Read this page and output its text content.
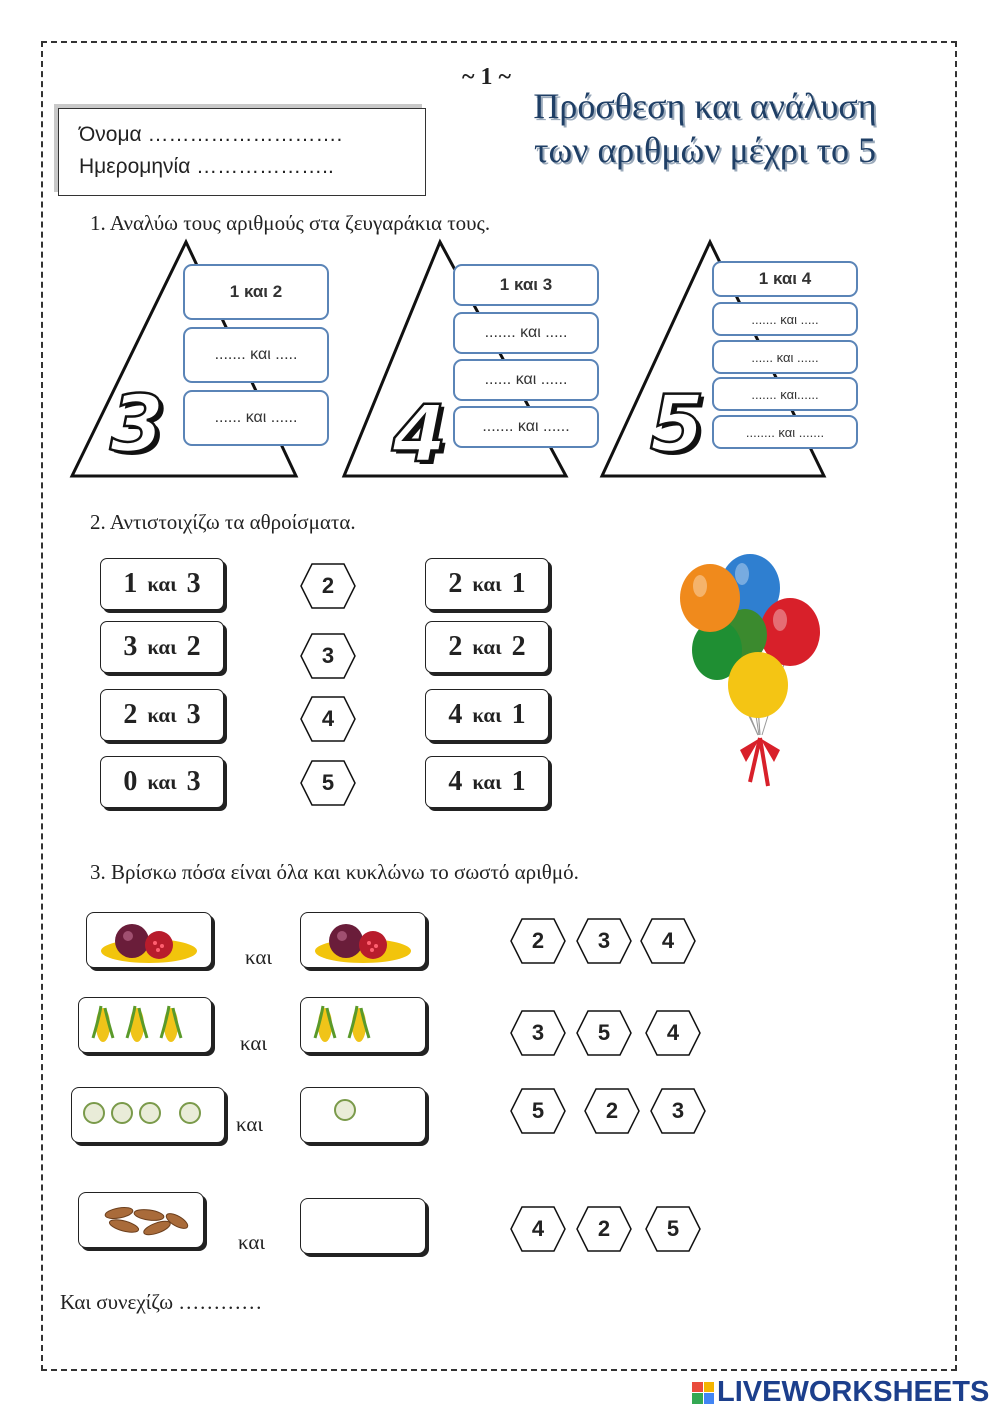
~ 1 ~
Πρόσθεση και ανάλυση
των αριθμών μέχρι το 5
Όνομα ……………………….
Ημερομηνία ………………..
1. Αναλύω τους αριθμούς στα ζευγαράκια τους.
3
1 και 2
....... και .....
...... και ......	4
1 και 3
....... και .....
...... και ......
....... και ......	5
1 και 4
....... και .....
...... και ......
....... και......
........ και .......
2. Αντιστοιχίζω τα αθροίσματα.
1 και 3
3 και 2
2 και 3
0 και 3
2
3
4
5
2 και 1
2 και 2
4 και 1
4 και 1
3. Βρίσκω πόσα είναι όλα και κυκλώνω το σωστό αριθμό.
και
2	3	4
και	3	5	4
και
5	2	3
και
4	2	5
Και συνεχίζω …………
LIVEWORKSHEETS
